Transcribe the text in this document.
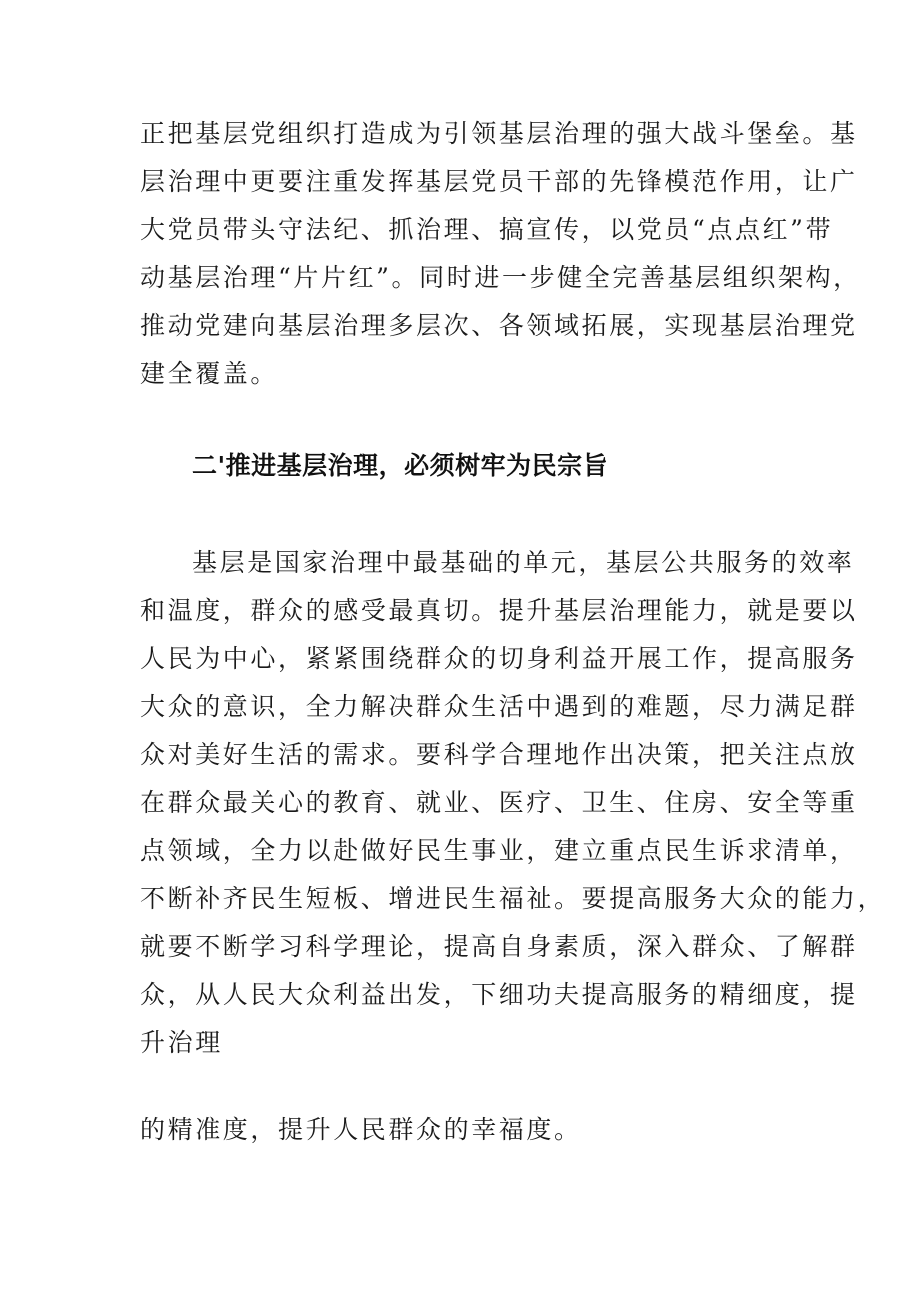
正把基层党组织打造成为引领基层治理的强大战斗堡垒。基
层治理中更要注重发挥基层党员干部的先锋模范作用，让广
大党员带头守法纪、抓治理、搞宣传，以党员“点点红”带
动基层治理“片片红”。同时进一步健全完善基层组织架构，
推动党建向基层治理多层次、各领域拓展，实现基层治理党
建全覆盖。
二'推进基层治理，必须树牢为民宗旨
基层是国家治理中最基础的单元，基层公共服务的效率
和温度，群众的感受最真切。提升基层治理能力，就是要以
人民为中心，紧紧围绕群众的切身利益开展工作，提高服务
大众的意识，全力解决群众生活中遇到的难题，尽力满足群
众对美好生活的需求。要科学合理地作出决策，把关注点放
在群众最关心的教育、就业、医疗、卫生、住房、安全等重
点领域，全力以赴做好民生事业，建立重点民生诉求清单，
不断补齐民生短板、增进民生福祉。要提高服务大众的能力，
就要不断学习科学理论，提高自身素质，深入群众、了解群
众，从人民大众利益出发，下细功夫提高服务的精细度，提
升治理
的精准度，提升人民群众的幸福度。
